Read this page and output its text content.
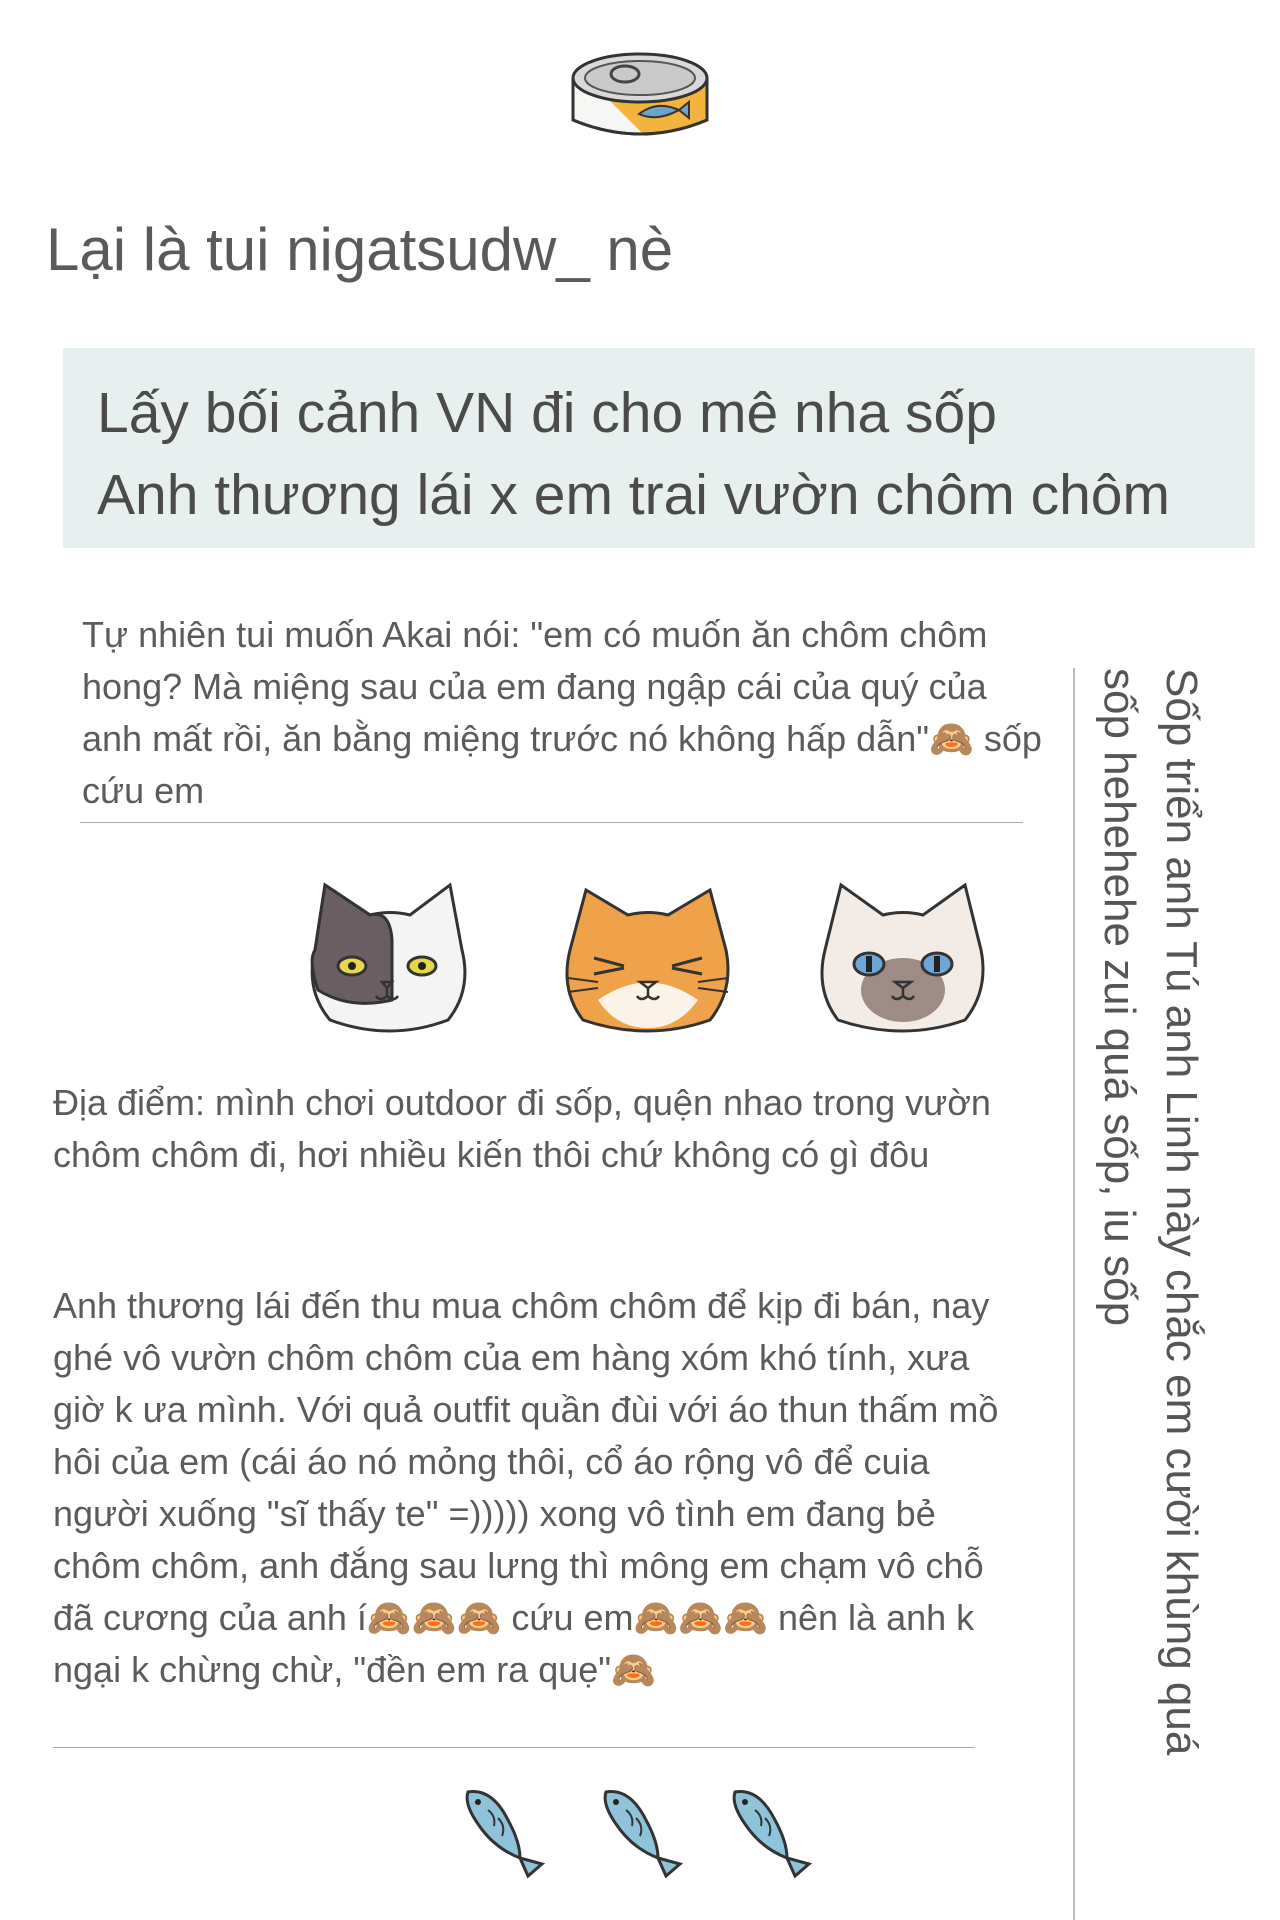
Lại là tui nigatsudw_ nè
Lấy bối cảnh VN đi cho mê nha sốp
Anh thương lái x em trai vườn chôm chôm
Tự nhiên tui muốn Akai nói: "em có muốn ăn chôm chôm hong? Mà miệng sau của em đang ngập cái của quý của anh mất rồi, ăn bằng miệng trước nó không hấp dẫn"🙈 sốp cứu em
Địa điểm: mình chơi outdoor đi sốp, quện nhao trong vườn chôm chôm đi, hơi nhiều kiến thôi chứ không có gì đôu
Anh thương lái đến thu mua chôm chôm để kịp đi bán, nay ghé vô vườn chôm chôm của em hàng xóm khó tính, xưa giờ k ưa mình. Với quả outfit quần đùi với áo thun thấm mồ hôi của em (cái áo nó mỏng thôi, cổ áo rộng vô để cuia người xuống "sĩ thấy te" =))))) xong vô tình em đang bẻ chôm chôm, anh đắng sau lưng thì mông em chạm vô chỗ đã cương của anh í🙈🙈🙈 cứu em🙈🙈🙈 nên là anh k ngại k chừng chừ, "đền em ra quẹ"🙈	Sốp triển anh Tú anh Linh này chắc em cười khùng quá
sốp hehehehe zui quá sốp, iu sốp
